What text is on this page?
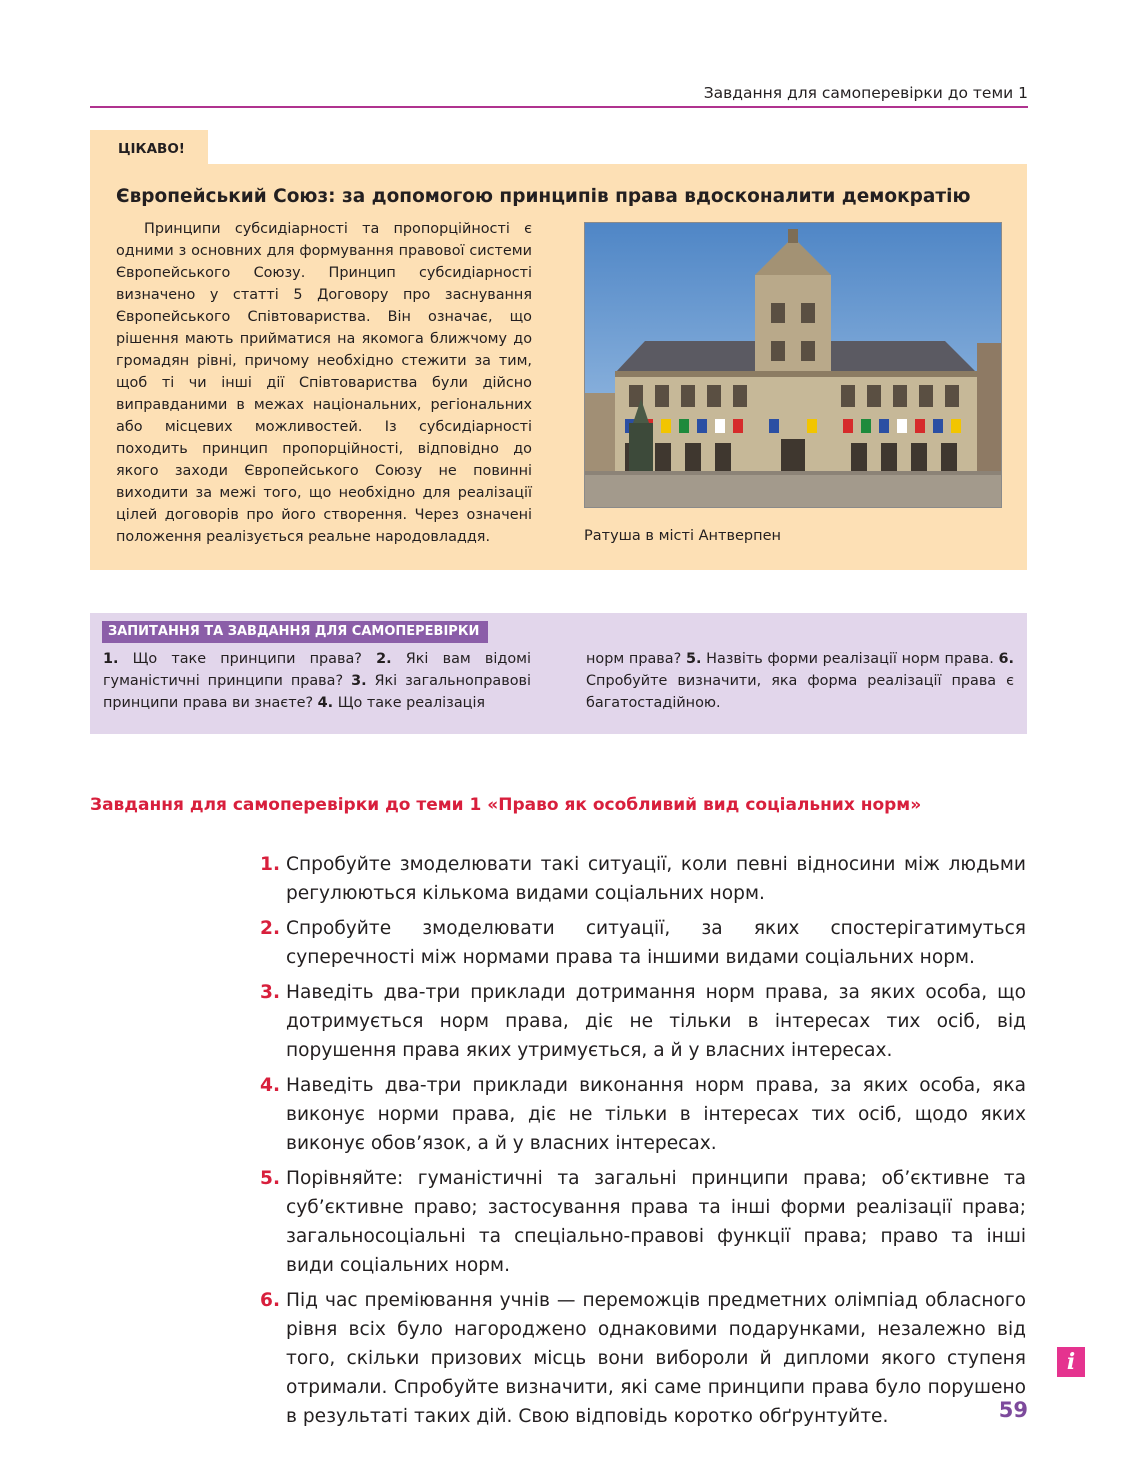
Завдання для самоперевірки до теми 1
ЦІКАВО!
Європейський Союз: за допомогою принципів права вдосконалити демократію
Принципи субсидіарності та пропорційності є одними з основних для формування правової системи Європейського Союзу. Принцип субсидіарності визначено у статті 5 Договору про заснування Європейського Співтовариства. Він означає, що рішення мають прийматися на якомога ближчому до громадян рівні, причому необхідно стежити за тим, щоб ті чи інші дії Співтовариства були дійсно виправданими в межах національних, регіональних або місцевих можливостей. Із субсидіарності походить принцип пропорційності, відповідно до якого заходи Європейського Союзу не повинні виходити за межі того, що необхідно для реалізації цілей договорів про його створення. Через означені положення реалізується реальне народовладдя.	Ратуша в місті Антверпен
ЗАПИТАННЯ ТА ЗАВДАННЯ ДЛЯ САМОПЕРЕВІРКИ
1. Що таке принципи права? 2. Які вам відомі гуманістичні принципи права? 3. Які загальноправові принципи права ви знаєте? 4. Що таке реалізація
норм права? 5. Назвіть форми реалізації норм права. 6. Спробуйте визначити, яка форма реалізації права є багатостадійною.
Завдання для самоперевірки до теми 1 «Право як особливий вид соціальних норм»
1. Спробуйте змоделювати такі ситуації, коли певні відносини між людьми регулюються кількома видами соціальних норм.
2. Спробуйте змоделювати ситуації, за яких спостерігатимуться суперечності між нормами права та іншими видами соціальних норм.
3. Наведіть два-три приклади дотримання норм права, за яких особа, що дотримується норм права, діє не тільки в інтересах тих осіб, від порушення права яких утримується, а й у власних інтересах.
4. Наведіть два-три приклади виконання норм права, за яких особа, яка виконує норми права, діє не тільки в інтересах тих осіб, щодо яких виконує обов’язок, а й у власних інтересах.
5. Порівняйте: гуманістичні та загальні принципи права; об’єктивне та суб’єктивне право; застосування права та інші форми реалізації права; загальносоціальні та спеціально-правові функції права; право та інші види соціальних норм.
6. Під час преміювання учнів — переможців предметних олімпіад обласного рівня всіх було нагороджено однаковими подарунками, незалежно від того, скільки призових місць вони вибороли й дипломи якого ступеня отримали. Спробуйте визначити, які саме принципи права було порушено в результаті таких дій. Свою відповідь коротко обґрунтуйте.
i
59
